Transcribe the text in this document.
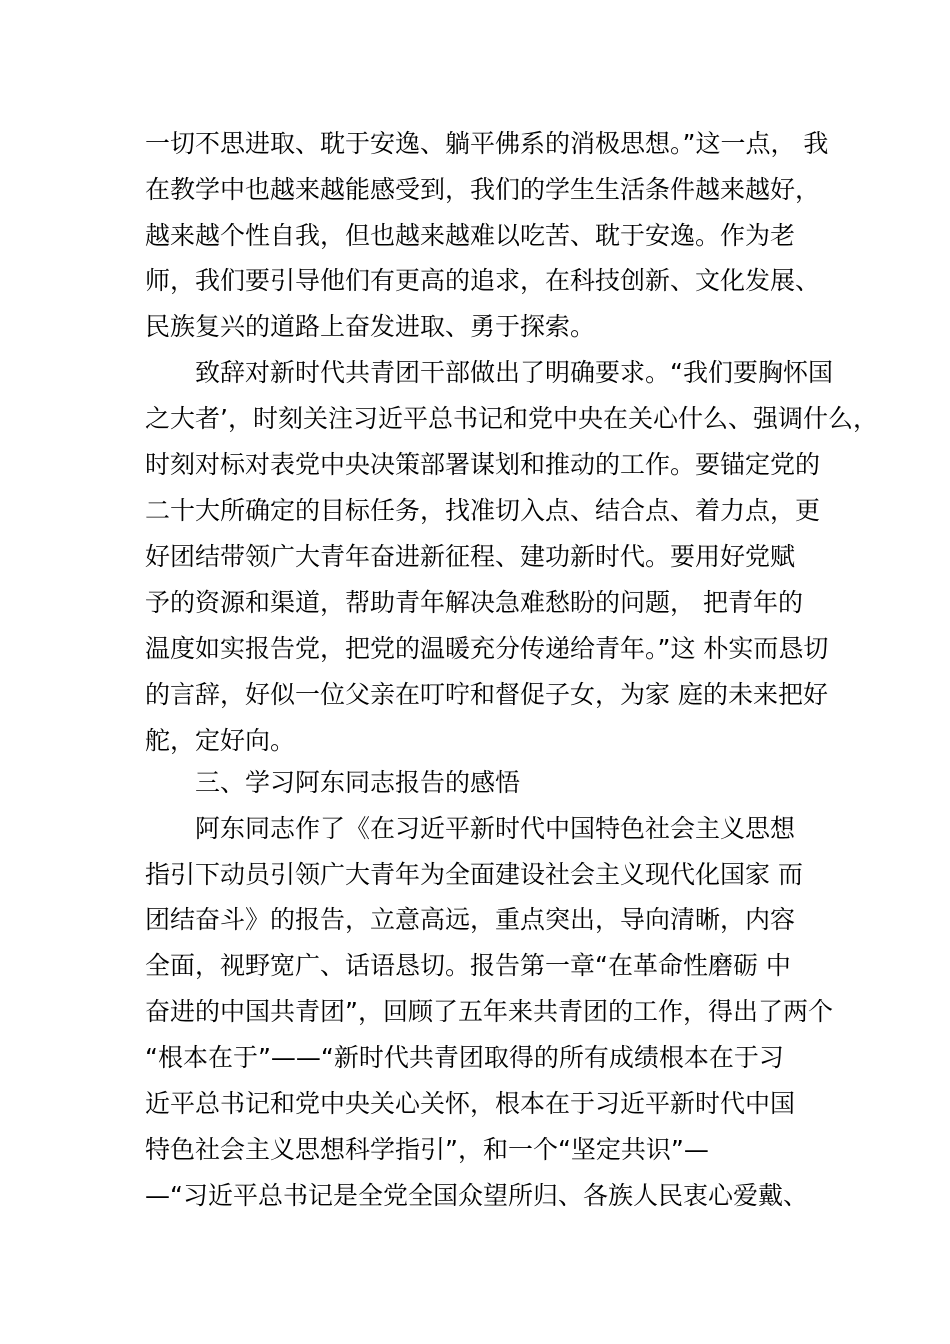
一切不思进取、耽于安逸、躺平佛系的消极思想。”这一点， 我
在教学中也越来越能感受到，我们的学生生活条件越来越好，
越来越个性自我，但也越来越难以吃苦、耽于安逸。作为老
师，我们要引导他们有更高的追求，在科技创新、文化发展、
民族复兴的道路上奋发进取、勇于探索。
致辞对新时代共青团干部做出了明确要求。“我们要胸怀国
之大者’，时刻关注习近平总书记和党中央在关心什么、强调什么，
时刻对标对表党中央决策部署谋划和推动的工作。要锚定党的
二十大所确定的目标任务，找准切入点、结合点、着力点，更
好团结带领广大青年奋进新征程、建功新时代。要用好党赋
予的资源和渠道，帮助青年解决急难愁盼的问题， 把青年的
温度如实报告党，把党的温暖充分传递给青年。”这 朴实而恳切
的言辞，好似一位父亲在叮咛和督促子女，为家 庭的未来把好
舵，定好向。
三、学习阿东同志报告的感悟
阿东同志作了《在习近平新时代中国特色社会主义思想
指引下动员引领广大青年为全面建设社会主义现代化国家 而
团结奋斗》的报告，立意高远，重点突出，导向清晰，内容
全面，视野宽广、话语恳切。报告第一章“在革命性磨砺 中
奋进的中国共青团”，回顾了五年来共青团的工作，得出了两个
“根本在于”——“新时代共青团取得的所有成绩根本在于习
近平总书记和党中央关心关怀，根本在于习近平新时代中国
特色社会主义思想科学指引”，和一个“坚定共识”—
—“习近平总书记是全党全国众望所归、各族人民衷心爱戴、
